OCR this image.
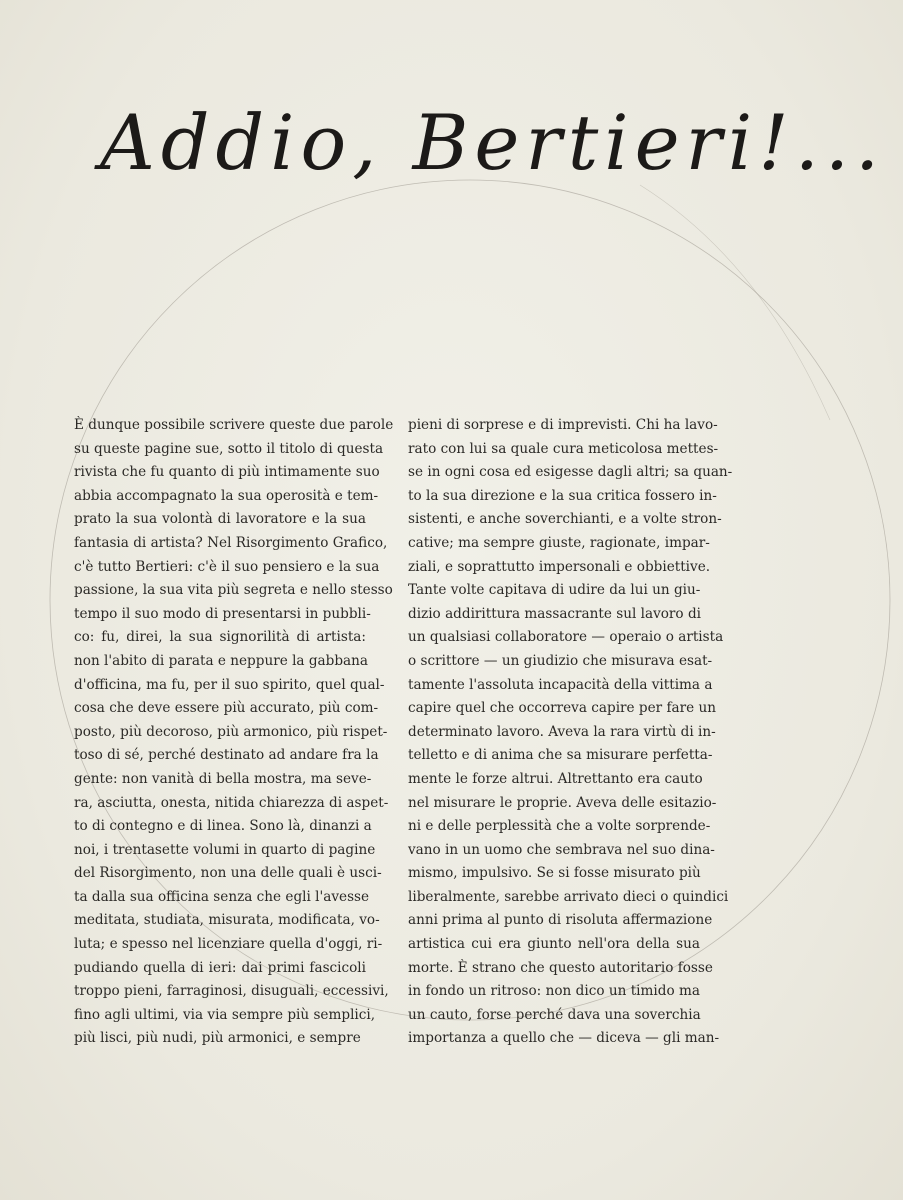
Addio, Bertieri!...
È dunque possibile scrivere queste due parole
su queste pagine sue, sotto il titolo di questa
rivista che fu quanto di più intimamente suo
abbia accompagnato la sua operosità e tem-
prato la sua volontà di lavoratore e la sua
fantasia di artista? Nel Risorgimento Grafico,
c'è tutto Bertieri: c'è il suo pensiero e la sua
passione, la sua vita più segreta e nello stesso
tempo il suo modo di presentarsi in pubbli-
co: fu, direi, la sua signorilità di artista:
non l'abito di parata e neppure la gabbana
d'officina, ma fu, per il suo spirito, quel qual-
cosa che deve essere più accurato, più com-
posto, più decoroso, più armonico, più rispet-
toso di sé, perché destinato ad andare fra la
gente: non vanità di bella mostra, ma seve-
ra, asciutta, onesta, nitida chiarezza di aspet-
to di contegno e di linea. Sono là, dinanzi a
noi, i trentasette volumi in quarto di pagine
del Risorgimento, non una delle quali è usci-
ta dalla sua officina senza che egli l'avesse
meditata, studiata, misurata, modificata, vo-
luta; e spesso nel licenziare quella d'oggi, ri-
pudiando quella di ieri: dai primi fascicoli
troppo pieni, farraginosi, disuguali, eccessivi,
fino agli ultimi, via via sempre più semplici,
più lisci, più nudi, più armonici, e sempre
pieni di sorprese e di imprevisti. Chi ha lavo-
rato con lui sa quale cura meticolosa mettes-
se in ogni cosa ed esigesse dagli altri; sa quan-
to la sua direzione e la sua critica fossero in-
sistenti, e anche soverchianti, e a volte stron-
cative; ma sempre giuste, ragionate, impar-
ziali, e soprattutto impersonali e obbiettive.
Tante volte capitava di udire da lui un giu-
dizio addirittura massacrante sul lavoro di
un qualsiasi collaboratore — operaio o artista
o scrittore — un giudizio che misurava esat-
tamente l'assoluta incapacità della vittima a
capire quel che occorreva capire per fare un
determinato lavoro. Aveva la rara virtù di in-
telletto e di anima che sa misurare perfetta-
mente le forze altrui. Altrettanto era cauto
nel misurare le proprie. Aveva delle esitazio-
ni e delle perplessità che a volte sorprende-
vano in un uomo che sembrava nel suo dina-
mismo, impulsivo. Se si fosse misurato più
liberalmente, sarebbe arrivato dieci o quindici
anni prima al punto di risoluta affermazione
artistica cui era giunto nell'ora della sua
morte. È strano che questo autoritario fosse
in fondo un ritroso: non dico un timido ma
un cauto, forse perché dava una soverchia
importanza a quello che — diceva — gli man-
